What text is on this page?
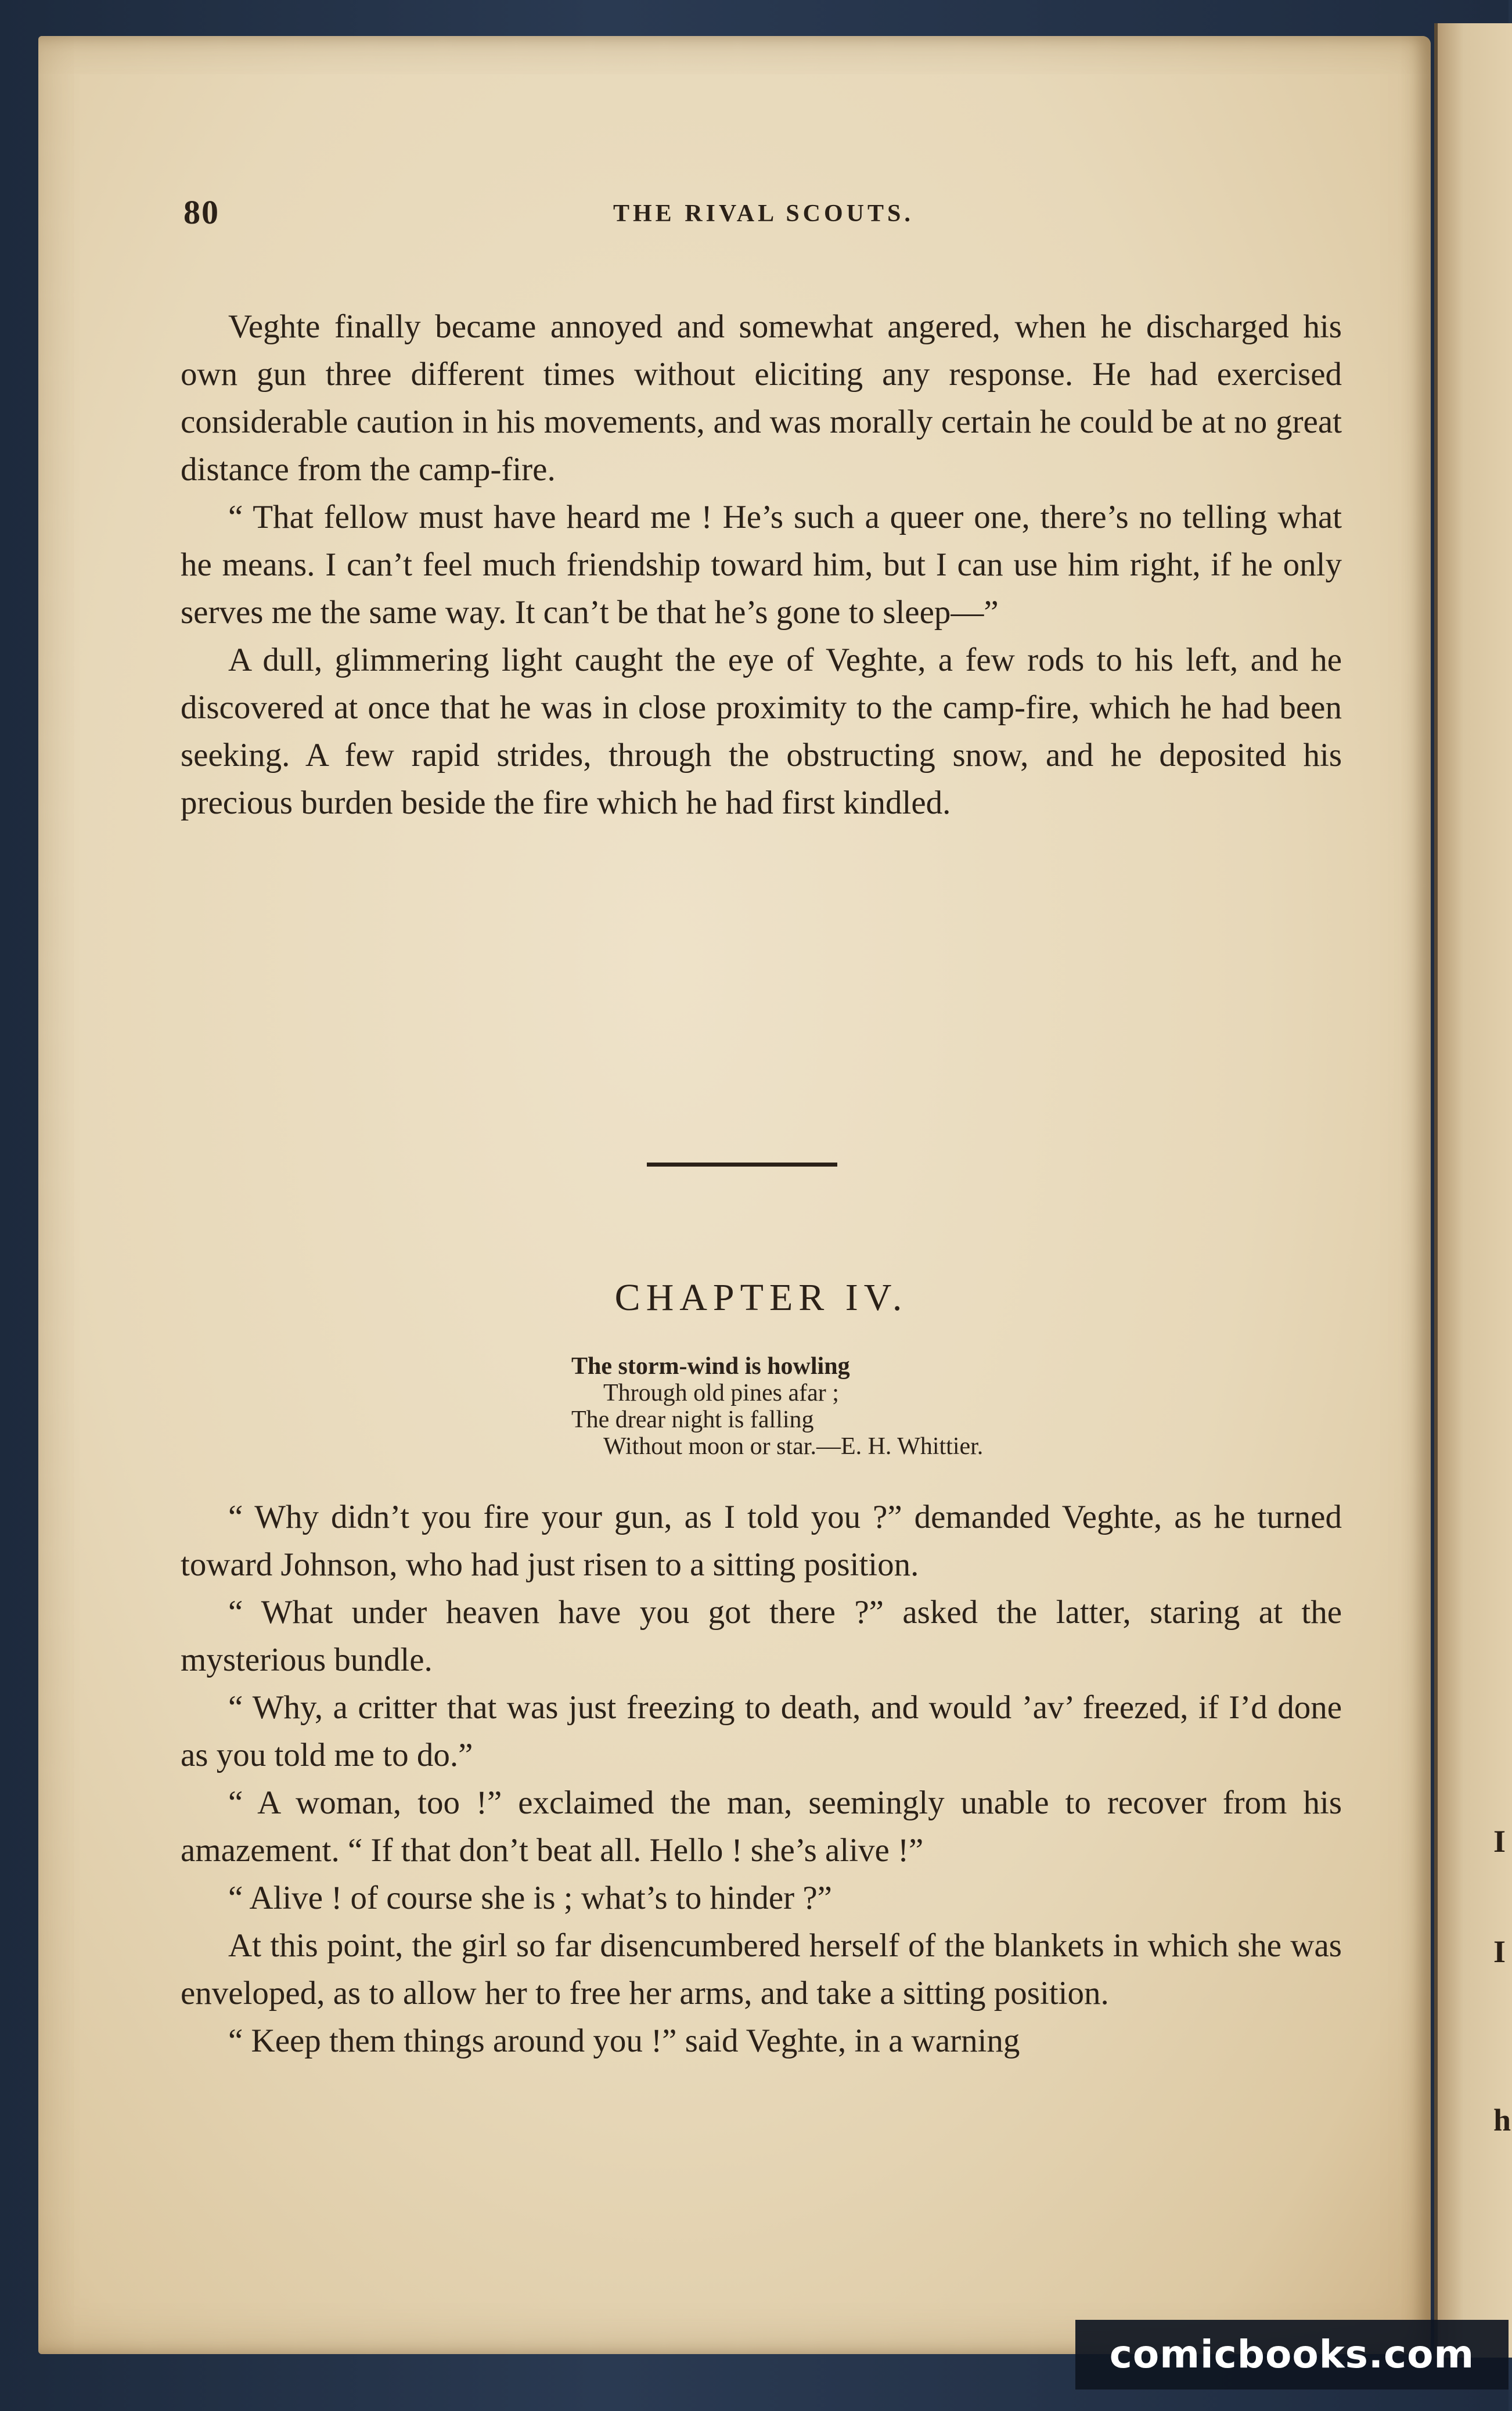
I
I
h
80	THE RIVAL SCOUTS.

Veghte finally became annoyed and somewhat angered, when he discharged his own gun three different times without eliciting any response. He had exercised considerable caution in his movements, and was morally certain he could be at no great distance from the camp-fire.

“ That fellow must have heard me ! He’s such a queer one, there’s no telling what he means. I can’t feel much friendship toward him, but I can use him right, if he only serves me the same way. It can’t be that he’s gone to sleep—”

A dull, glimmering light caught the eye of Veghte, a few rods to his left, and he discovered at once that he was in close proximity to the camp-fire, which he had been seeking. A few rapid strides, through the obstructing snow, and he deposited his precious burden beside the fire which he had first kindled.

CHAPTER IV.
The storm-wind is howling
Through old pines afar ;
The drear night is falling
Without moon or star.—E. H. Whittier.

“ Why didn’t you fire your gun, as I told you ?” demanded Veghte, as he turned toward Johnson, who had just risen to a sitting position.

“ What under heaven have you got there ?” asked the latter, staring at the mysterious bundle.

“ Why, a critter that was just freezing to death, and would ’av’ freezed, if I’d done as you told me to do.”

“ A woman, too !” exclaimed the man, seemingly unable to recover from his amazement. “ If that don’t beat all. Hello ! she’s alive !”

“ Alive ! of course she is ; what’s to hinder ?”

At this point, the girl so far disencumbered herself of the blankets in which she was enveloped, as to allow her to free her arms, and take a sitting position.

“ Keep them things around you !” said Veghte, in a warning

comicbooks.com
